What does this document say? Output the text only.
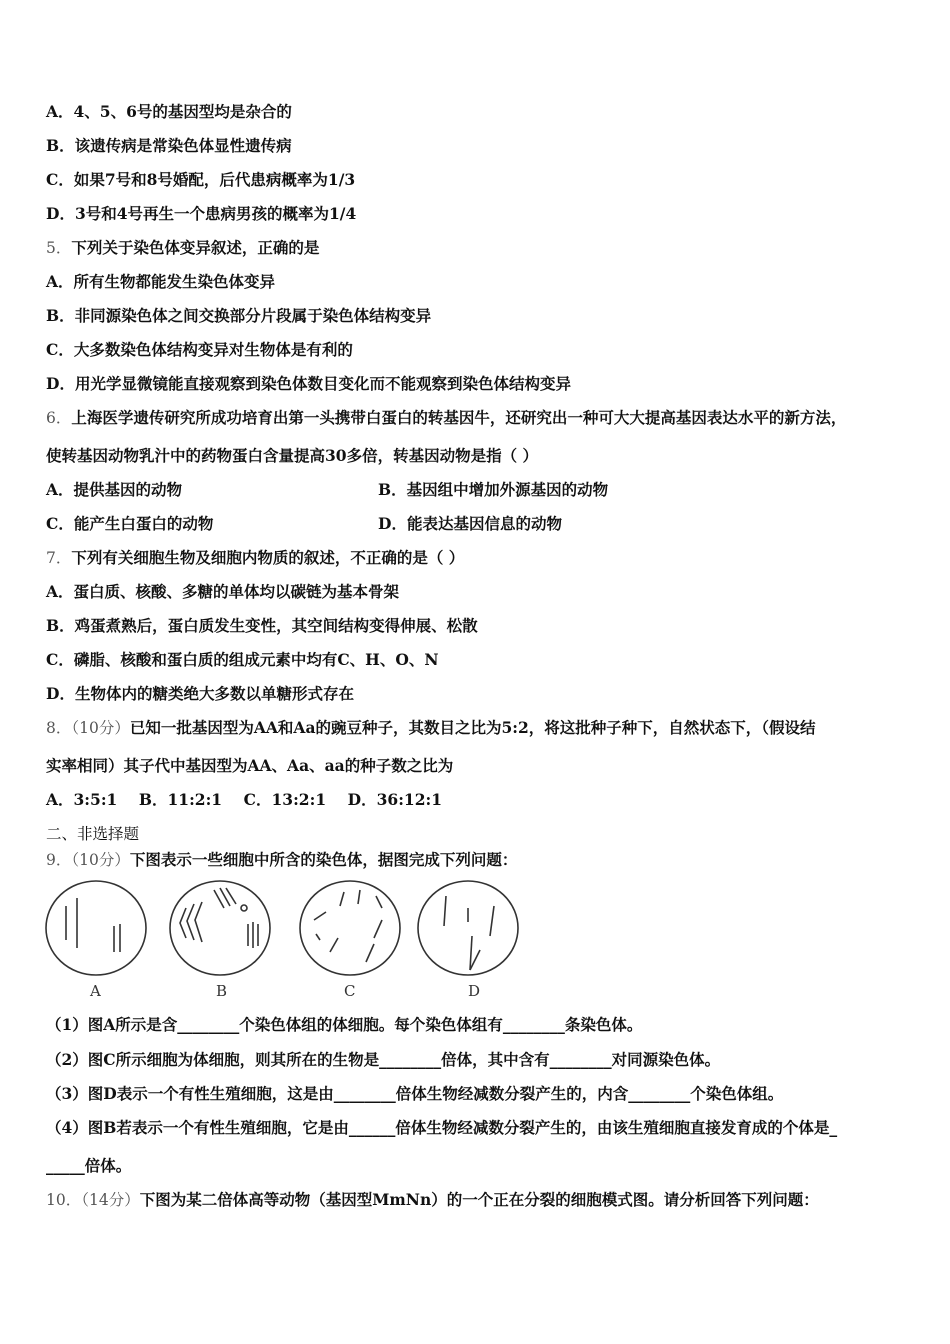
A．4、5、6号的基因型均是杂合的
B．该遗传病是常染色体显性遗传病
C．如果7号和8号婚配，后代患病概率为1/3
D．3号和4号再生一个患病男孩的概率为1/4
5．下列关于染色体变异叙述，正确的是
A．所有生物都能发生染色体变异
B．非同源染色体之间交换部分片段属于染色体结构变异
C．大多数染色体结构变异对生物体是有利的
D．用光学显微镜能直接观察到染色体数目变化而不能观察到染色体结构变异
6．上海医学遗传研究所成功培育出第一头携带白蛋白的转基因牛，还研究出一种可大大提高基因表达水平的新方法，
使转基因动物乳汁中的药物蛋白含量提高30多倍，转基因动物是指（ ）
A．提供基因的动物	B．基因组中增加外源基因的动物
C．能产生白蛋白的动物	D．能表达基因信息的动物
7．下列有关细胞生物及细胞内物质的叙述，不正确的是（ ）
A．蛋白质、核酸、多糖的单体均以碳链为基本骨架
B．鸡蛋煮熟后，蛋白质发生变性，其空间结构变得伸展、松散
C．磷脂、核酸和蛋白质的组成元素中均有C、H、O、N
D．生物体内的糖类绝大多数以单糖形式存在
8．（10分）已知一批基因型为AA和Aa的豌豆种子，其数目之比为5:2，将这批种子种下，自然状态下，（假设结
实率相同）其子代中基因型为AA、Aa、aa的种子数之比为
A．3:5:1    B．11:2:1    C．13:2:1    D．36:12:1
二、非选择题
9．（10分）下图表示一些细胞中所含的染色体，据图完成下列问题：
A	B	C	D
（1）图A所示是含________个染色体组的体细胞。每个染色体组有________条染色体。
（2）图C所示细胞为体细胞，则其所在的生物是________倍体，其中含有________对同源染色体。
（3）图D表示一个有性生殖细胞，这是由________倍体生物经减数分裂产生的，内含________个染色体组。
（4）图B若表示一个有性生殖细胞，它是由______倍体生物经减数分裂产生的，由该生殖细胞直接发育成的个体是_
_____倍体。
10．（14分）下图为某二倍体高等动物（基因型MmNn）的一个正在分裂的细胞模式图。请分析回答下列问题：
